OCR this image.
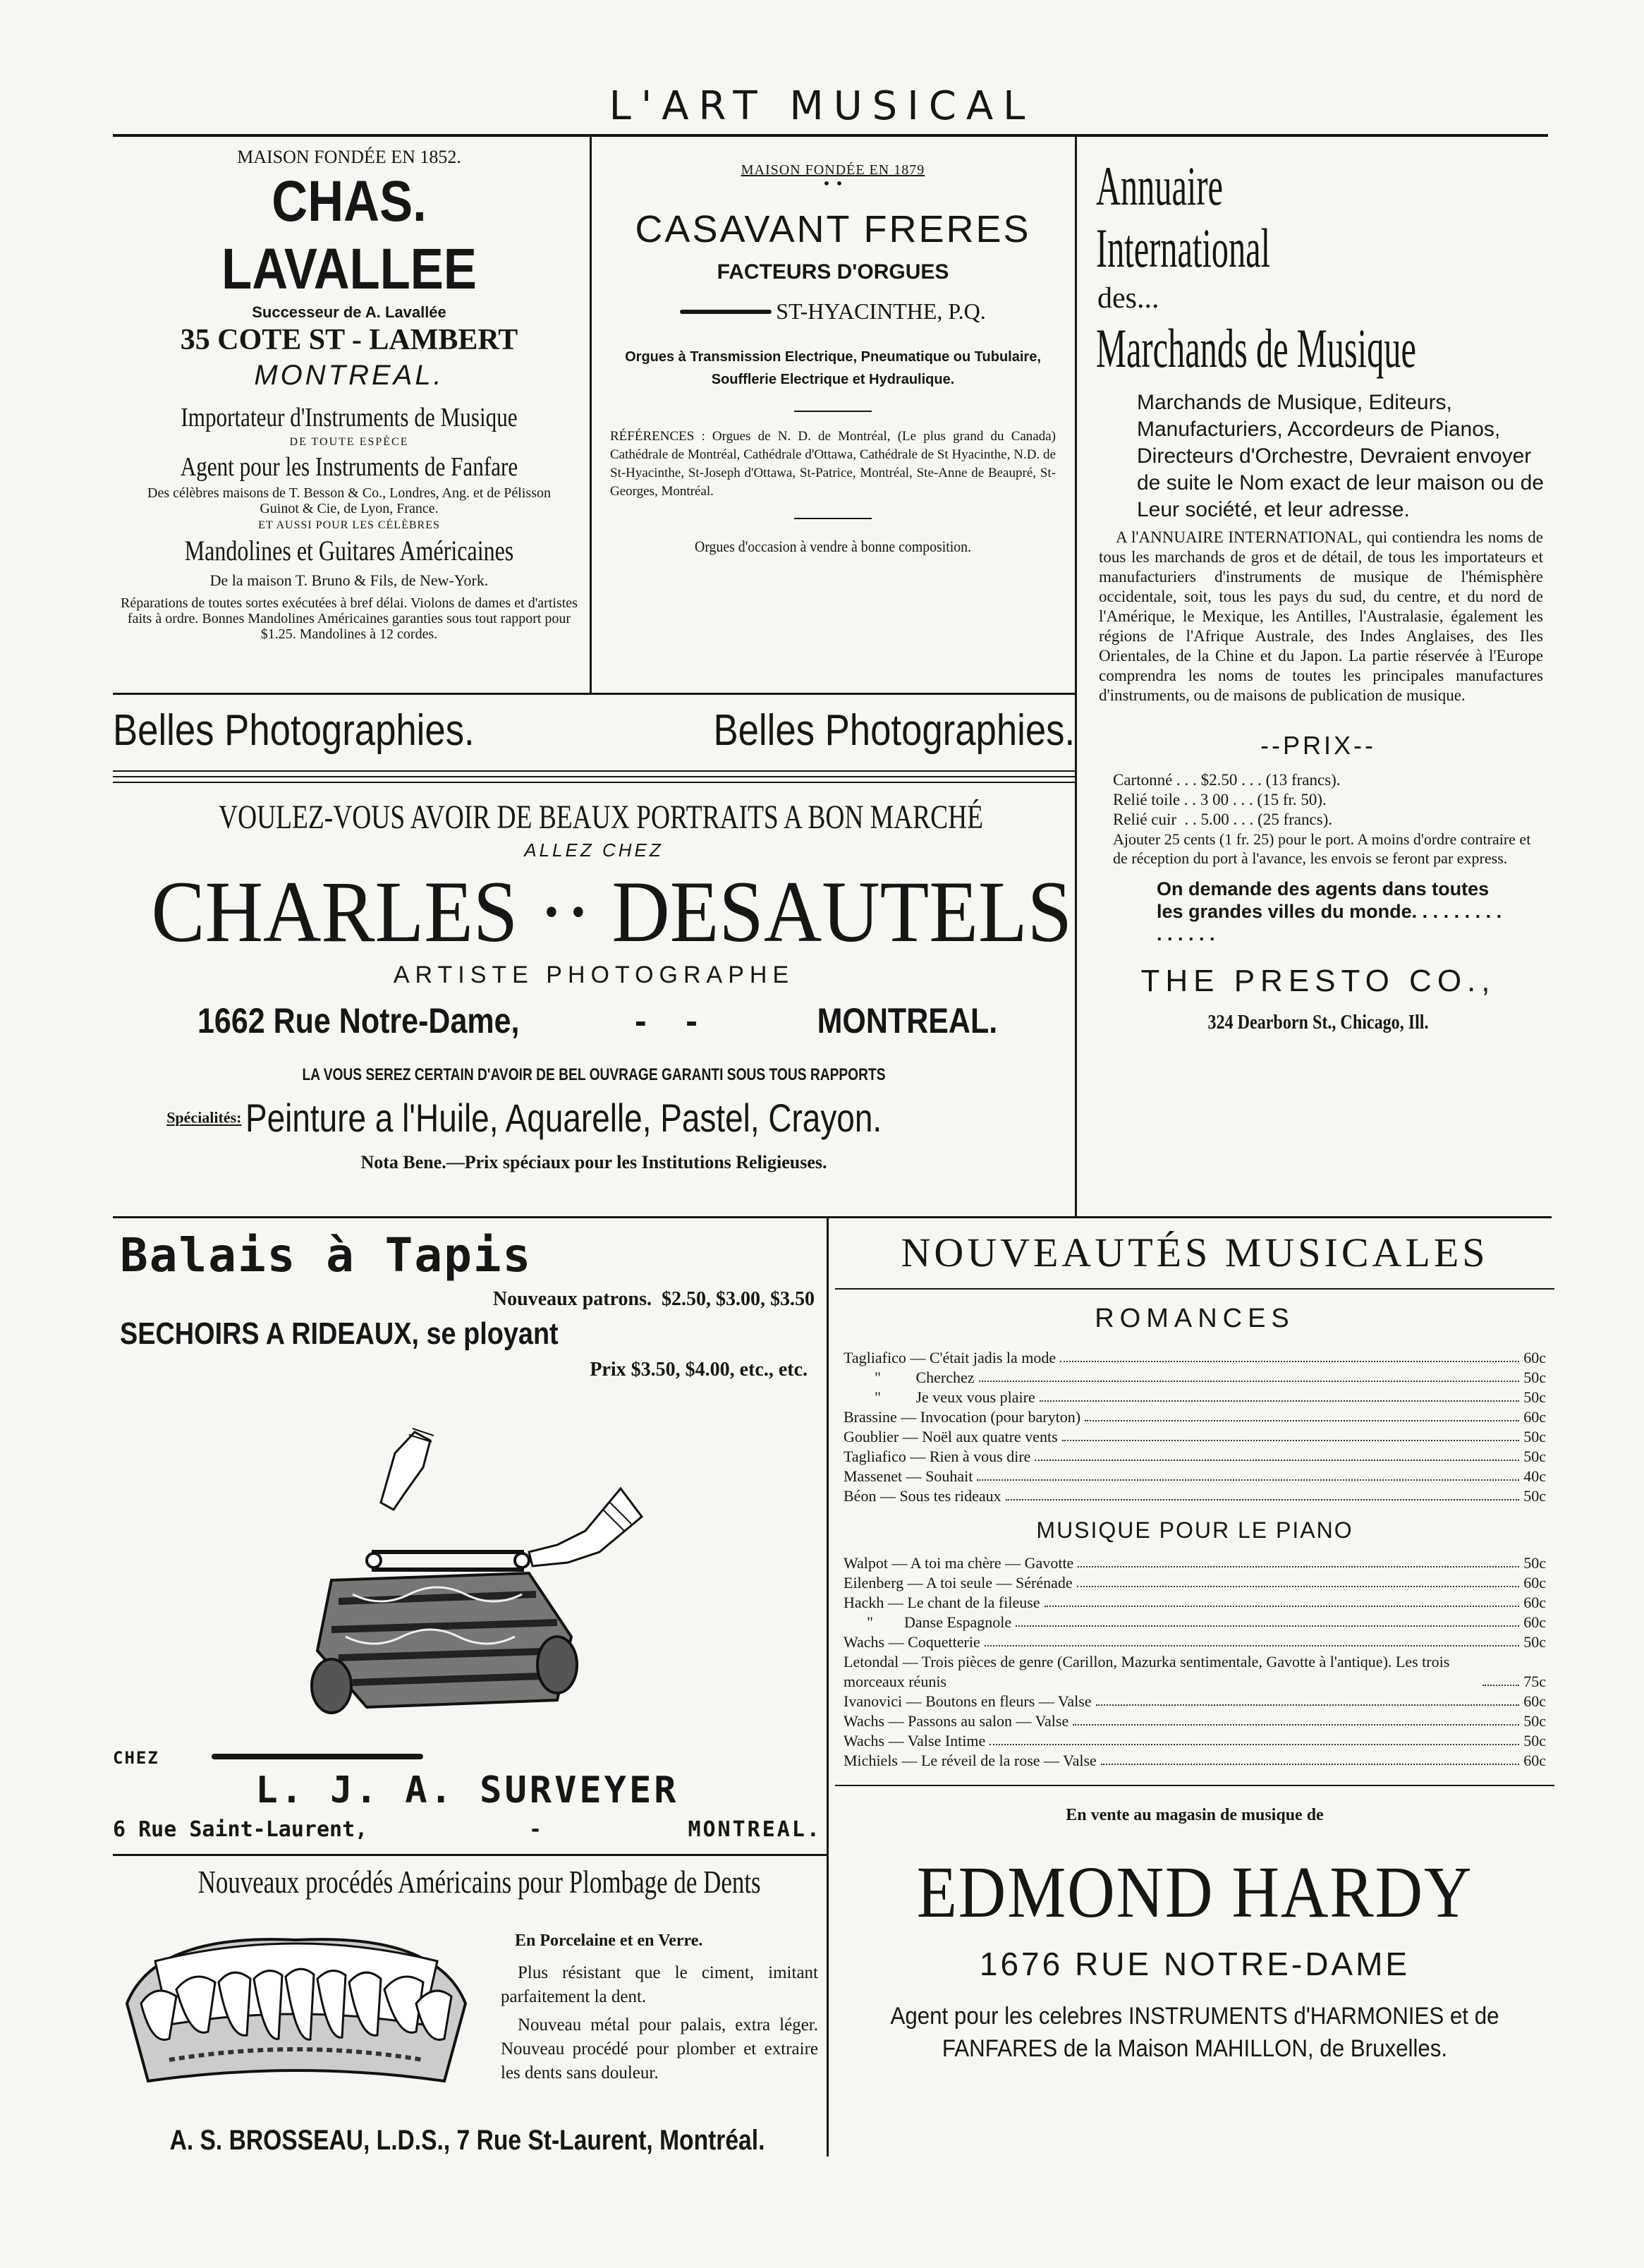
L'ART MUSICAL
MAISON FONDÉE EN 1852.
CHAS. LAVALLEE
Successeur de A. Lavallée
35 COTE ST - LAMBERT
MONTREAL.
Importateur d'Instruments de Musique
DE TOUTE ESPÈCE
Agent pour les Instruments de Fanfare
Des célèbres maisons de T. Besson & Co., Londres, Ang. et de Pélisson Guinot & Cie, de Lyon, France.
ET AUSSI POUR LES CÉLÈBRES
Mandolines et Guitares Américaines
De la maison T. Bruno & Fils, de New-York.
Réparations de toutes sortes exécutées à bref délai. Violons de dames et d'artistes faits à ordre. Bonnes Mandolines Américaines garanties sous tout rapport pour $1.25. Mandolines à 12 cordes.
MAISON FONDÉE EN 1879
• •
CASAVANT FRERES
FACTEURS D'ORGUES
ST-HYACINTHE, P.Q.
Orgues à Transmission Electrique, Pneumatique ou Tubulaire, Soufflerie Electrique et Hydraulique.
RÉFÉRENCES : Orgues de N. D. de Montréal, (Le plus grand du Canada) Cathédrale de Montréal, Cathédrale d'Ottawa, Cathédrale de St Hyacinthe, N.D. de St-Hyacinthe, St-Joseph d'Ottawa, St-Patrice, Montréal, Ste-Anne de Beaupré, St-Georges, Montréal.
Orgues d'occasion à vendre à bonne composition.
Belles Photographies.	Belles Photographies.
VOULEZ-VOUS AVOIR DE BEAUX PORTRAITS A BON MARCHÉ
ALLEZ CHEZ
CHARLES ·· DESAUTELS
ARTISTE PHOTOGRAPHE
1662 Rue Notre-Dame,	-    -	MONTREAL.
LA VOUS SEREZ CERTAIN D'AVOIR DE BEL OUVRAGE GARANTI SOUS TOUS RAPPORTS
Spécialités: Peinture a l'Huile, Aquarelle, Pastel, Crayon.
Nota Bene.—Prix spéciaux pour les Institutions Religieuses.
Annuaire
International
des...
Marchands de Musique
Marchands de Musique, Editeurs, Manufacturiers, Accordeurs de Pianos, Directeurs d'Orchestre, Devraient envoyer de suite le Nom exact de leur maison ou de Leur société, et leur adresse.
A l'ANNUAIRE INTERNATIONAL, qui contiendra les noms de tous les marchands de gros et de détail, de tous les importateurs et manufacturiers d'instruments de musique de l'hémisphère occidentale, soit, tous les pays du sud, du centre, et du nord de l'Amérique, le Mexique, les Antilles, l'Australasie, également les régions de l'Afrique Australe, des Indes Anglaises, des Iles Orientales, de la Chine et du Japon. La partie réservée à l'Europe comprendra les noms de toutes les principales manufactures d'instruments, ou de maisons de publication de musique.
--PRIX--
Cartonné . . . $2.50 . . . (13 francs).
Relié toile . . 3 00 . . . (15 fr. 50).
Relié cuir  . . 5.00 . . . (25 francs).
Ajouter 25 cents (1 fr. 25) pour le port. A moins d'ordre contraire et de réception du port à l'avance, les envois se feront par express.
On demande des agents dans toutes les grandes villes du monde. . . . . . . . . . . . . . .
THE PRESTO CO.,
324 Dearborn St., Chicago, Ill.
Balais à Tapis
Nouveaux patrons.  $2.50, $3.00, $3.50
SECHOIRS A RIDEAUX, se ployant
Prix $3.50, $4.00, etc., etc.
CHEZ
L. J. A. SURVEYER
6 Rue Saint-Laurent,	-	MONTREAL.
Nouveaux procédés Américains pour Plombage de Dents
En Porcelaine et en Verre.
Plus résistant que le ciment, imitant parfaitement la dent.
Nouveau métal pour palais, extra léger. Nouveau procédé pour plomber et extraire les dents sans douleur.
A. S. BROSSEAU, L.D.S., 7 Rue St-Laurent, Montréal.
NOUVEAUTÉS MUSICALES
ROMANCES
Tagliafico — C'était jadis la mode	60c
"         Cherchez	50c
"         Je veux vous plaire	50c
Brassine — Invocation (pour baryton)	60c
Goublier — Noël aux quatre vents	50c
Tagliafico — Rien à vous dire	50c
Massenet — Souhait	40c
Béon — Sous tes rideaux	50c
MUSIQUE POUR LE PIANO
Walpot — A toi ma chère — Gavotte	50c
Eilenberg — A toi seule — Sérénade	60c
Hackh — Le chant de la fileuse	60c
"        Danse Espagnole	60c
Wachs — Coquetterie	50c
Letondal — Trois pièces de genre (Carillon, Mazurka sentimentale, Gavotte à l'antique). Les trois morceaux réunis	75c
Ivanovici — Boutons en fleurs — Valse	60c
Wachs — Passons au salon — Valse	50c
Wachs — Valse Intime	50c
Michiels — Le réveil de la rose — Valse	60c
En vente au magasin de musique de
EDMOND HARDY
1676 RUE NOTRE-DAME
Agent pour les celebres INSTRUMENTS d'HARMONIES et de FANFARES de la Maison MAHILLON, de Bruxelles.
